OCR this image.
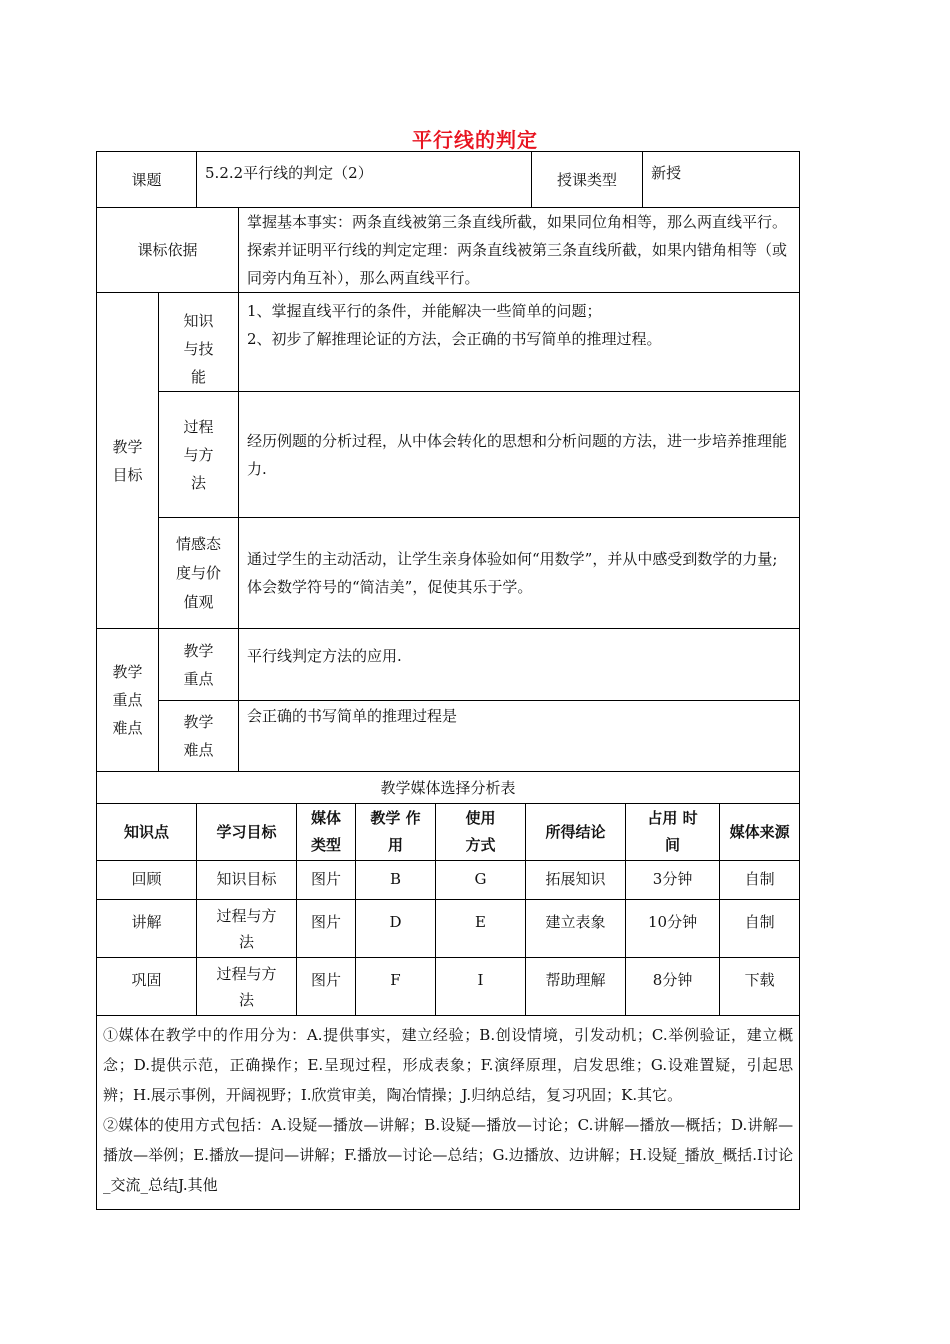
平行线的判定
课题		5.2.2平行线的判定（2）						授课类型		新授	
课标依据			掌握基本事实：两条直线被第三条直线所截，如果同位角相等，那么两直线平行。探索并证明平行线的判定定理：两条直线被第三条直线所截，如果内错角相等（或同旁内角互补），那么两直线平行。								
教学目标	知识与技能		1、掌握直线平行的条件，并能解决一些简单的问题；
2、初步了解推理论证的方法，会正确的书写简单的推理过程。								

	过程与方法		经历例题的分析过程，从中体会转化的思想和分析问题的方法，进一步培养推理能力.								
	情感态度与价值观		通过学生的主动活动，让学生亲身体验如何“用数学”，并从中感受到数学的力量;体会数学符号的“简洁美”，促使其乐于学。								
教学重点难点	教学重点		平行线判定方法的应用.								
	教学难点		会正确的书写简单的推理过程是								
教学媒体选择分析表											
知识点		学习目标		媒体类型	教学 作用	使用方式	所得结论		占用 时间		媒体来源
回顾		知识目标		图片	B	G	拓展知识		3分钟		自制
讲解		过程与方法		图片	D	E	建立表象		10分钟		自制
巩固		过程与方法		图片	F	I	帮助理解		8分钟		下载

①媒体在教学中的作用分为：A.提供事实，建立经验；B.创设情境，引发动机；C.举例验证，建立概念；D.提供示范，正确操作；E.呈现过程，形成表象；F.演绎原理，启发思维；G.设难置疑，引起思辨；H.展示事例，开阔视野；I.欣赏审美，陶冶情操；J.归纳总结，复习巩固；K.其它。

②媒体的使用方式包括：A.设疑—播放—讲解；B.设疑—播放—讨论；C.讲解—播放—概括；D.讲解—播放—举例；E.播放—提问—讲解；F.播放—讨论—总结；G.边播放、边讲解；H.设疑_播放_概括.I讨论_交流_总结J.其他											
